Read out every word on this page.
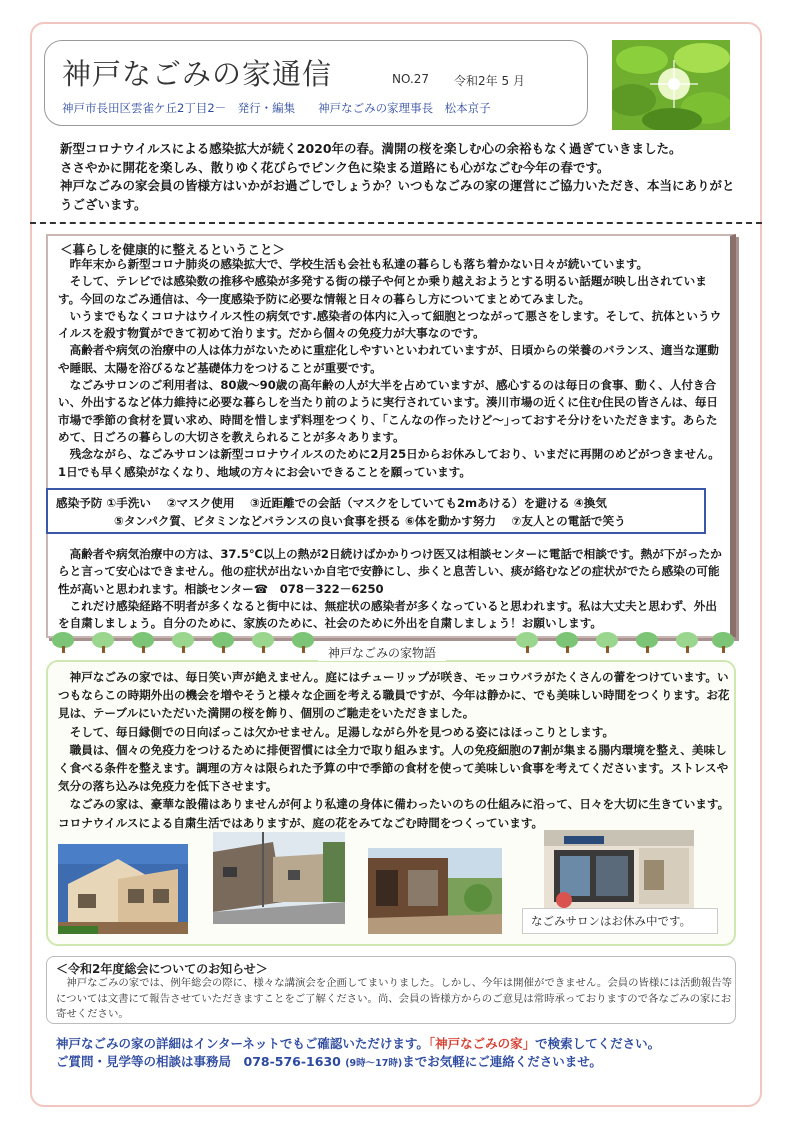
神戸なごみの家通信	NO.27 令和2年 5 月
神戸市長田区雲雀ケ丘2丁目2－　発行・編集　　神戸なごみの家理事長　松本京子
新型コロナウイルスによる感染拡大が続く2020年の春。満開の桜を楽しむ心の余裕もなく過ぎていきました。
ささやかに開花を楽しみ、散りゆく花びらでピンク色に染まる道路にも心がなごむ今年の春です。
神戸なごみの家会員の皆様方はいかがお過ごしでしょうか？いつもなごみの家の運営にご協力いただき、本当にありがとうございます。
＜暮らしを健康的に整えるということ＞

昨年末から新型コロナ肺炎の感染拡大で、学校生活も会社も私達の暮らしも落ち着かない日々が続いています。

そして、テレビでは感染数の推移や感染が多発する街の様子や何とか乗り越えおようとする明るい話題が映し出されています。今回のなごみ通信は、今一度感染予防に必要な情報と日々の暮らし方についてまとめてみました。

いうまでもなくコロナはウイルス性の病気です.感染者の体内に入って細胞とつながって悪さをします。そして、抗体というウイルスを殺す物質ができて初めて治ります。だから個々の免疫力が大事なのです。

高齢者や病気の治療中の人は体力がないために重症化しやすいといわれていますが、日頃からの栄養のバランス、適当な運動や睡眠、太陽を浴びるなど基礎体力をつけることが重要です。

なごみサロンのご利用者は、80歳～90歳の高年齢の人が大半を占めていますが、感心するのは毎日の食事、動く、人付き合い、外出するなど体力維持に必要な暮らしを当たり前のように実行されています。湊川市場の近くに住む住民の皆さんは、毎日市場で季節の食材を買い求め、時間を惜しまず料理をつくり、｢こんなの作ったけど～｣っておすそ分けをいただきます。あらためて、日ごろの暮らしの大切さを教えられることが多々あります。

残念ながら、なごみサロンは新型コロナウイルスのために2月25日からお休みしており、いまだに再開のめどがつきません。1日でも早く感染がなくなり、地域の方々にお会いできることを願っています。

感染予防 ①手洗い　 ②マスク使用　 ③近距離での会話（マスクをしていても2mあける）を避ける ④換気
⑤タンパク質、ビタミンなどバランスの良い食事を摂る ⑥体を動かす努力　 ⑦友人との電話で笑う

高齢者や病気治療中の方は、37.5℃以上の熱が2日続けばかかりつけ医又は相談センターに電話で相談です。熱が下がったからと言って安心はできません。他の症状が出ないか自宅で安静にし、歩くと息苦しい、痰が絡むなどの症状がでたら感染の可能性が高いと思われます。相談センター☎　078－322－6250

これだけ感染経路不明者が多くなると街中には、無症状の感染者が多くなっていると思われます。私は大丈夫と思わず、外出を自粛しましょう。自分のために、家族のために、社会のために外出を自粛しましょう！お願いします。

神戸なごみの家物語

神戸なごみの家では、毎日笑い声が絶えません。庭にはチューリップが咲き、モッコウバラがたくさんの蕾をつけています。いつもならこの時期外出の機会を増やそうと様々な企画を考える職員ですが、今年は静かに、でも美味しい時間をつくります。お花見は、テーブルにいただいた満開の桜を飾り、個別のご馳走をいただきました。

そして、毎日縁側での日向ぼっこは欠かせません。足湯しながら外を見つめる姿にはほっこりとします。

職員は、個々の免疫力をつけるために排便習慣には全力で取り組みます。人の免疫細胞の7割が集まる腸内環境を整え、美味しく食べる条件を整えます。調理の方々は限られた予算の中で季節の食材を使って美味しい食事を考えてくださいます。ストレスや気分の落ち込みは免疫力を低下させます。

なごみの家は、豪華な設備はありませんが何より私達の身体に備わったいのちの仕組みに沿って、日々を大切に生きています。コロナウイルスによる自粛生活ではありますが、庭の花をみてなごむ時間をつくっています。

なごみサロンはお休み中です。
＜令和2年度総会についてのお知らせ＞

神戸なごみの家では、例年総会の際に、様々な講演会を企画してまいりました。しかし、今年は開催ができません。会員の皆様には活動報告等については文書にて報告させていただきますことをご了解ください。尚、会員の皆様方からのご意見は常時承っておりますので各なごみの家にお寄せください。

神戸なごみの家の詳細はインターネットでもご確認いただけます。「神戸なごみの家」で検索してください。
ご質問・見学等の相談は事務局　078-576-1630 (9時～17時)までお気軽にご連絡くださいませ。
